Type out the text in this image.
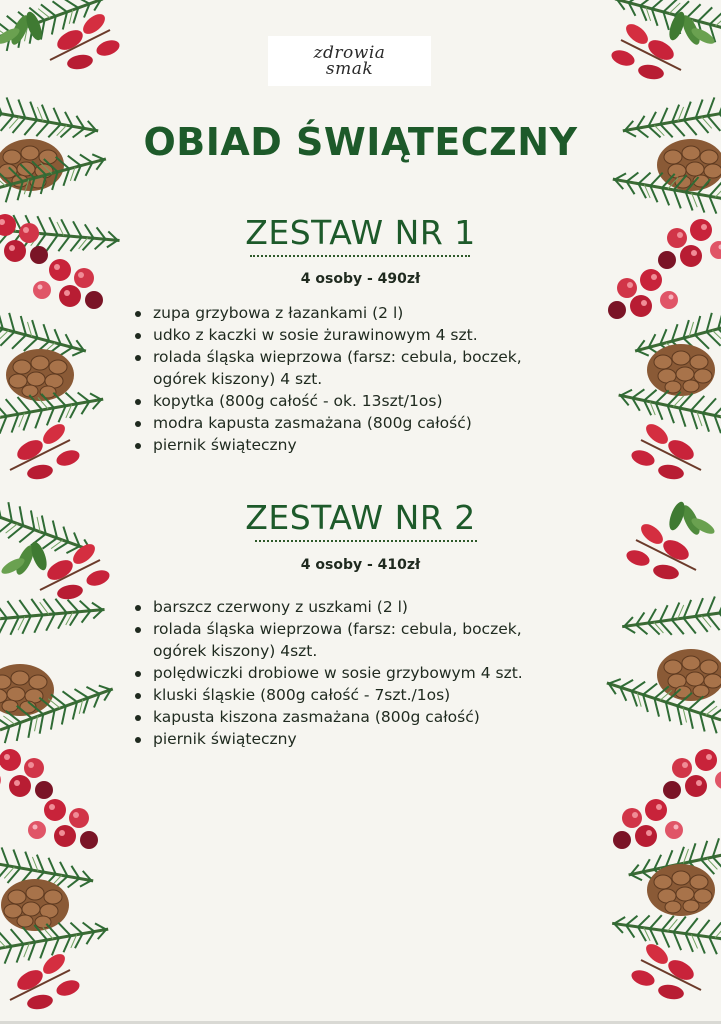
zdrowia
smak
OBIAD ŚWIĄTECZNY
ZESTAW NR 1
4 osoby - 490zł
zupa grzybowa z łazankami (2 l)
udko z kaczki w sosie żurawinowym 4 szt.
rolada śląska wieprzowa (farsz: cebula, boczek,
ogórek kiszony) 4 szt.
kopytka (800g całość - ok. 13szt/1os)
modra kapusta zasmażana (800g całość)
piernik świąteczny
ZESTAW NR 2
4 osoby - 410zł
barszcz czerwony z uszkami (2 l)
rolada śląska wieprzowa (farsz: cebula, boczek,
ogórek kiszony) 4szt.
polędwiczki drobiowe w sosie grzybowym 4 szt.
kluski śląskie (800g całość - 7szt./1os)
kapusta kiszona zasmażana (800g całość)
piernik świąteczny
